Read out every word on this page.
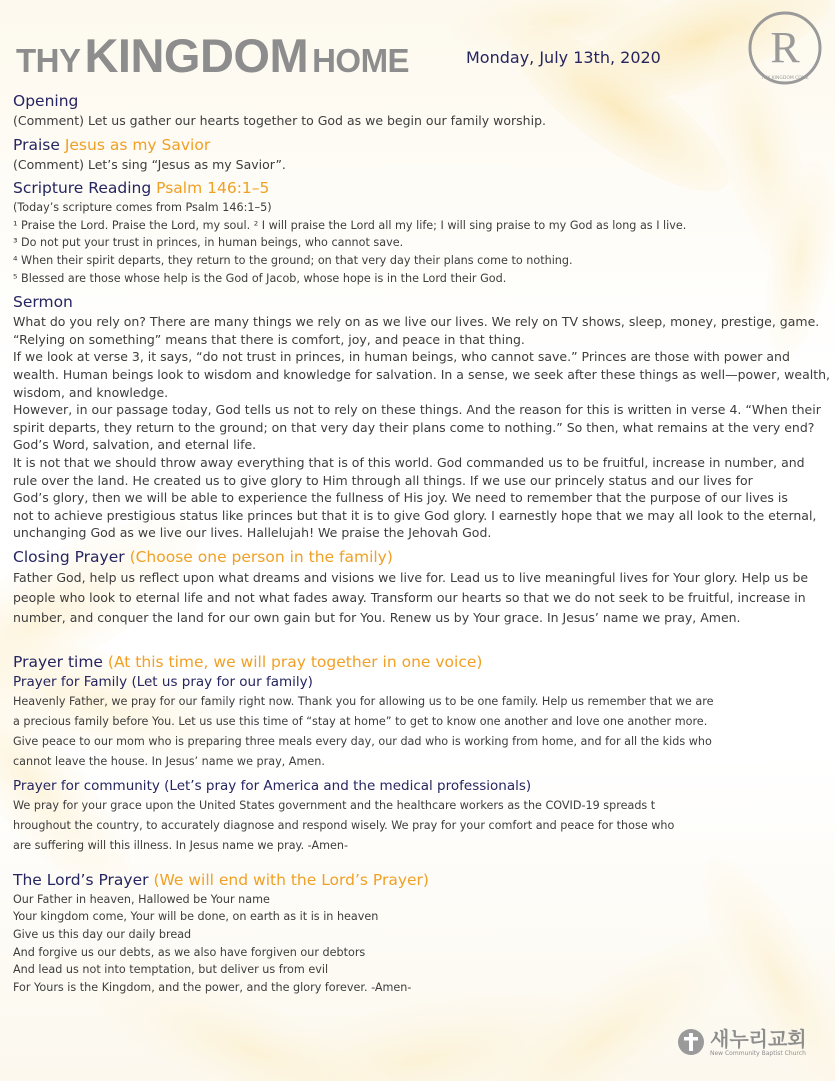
THY KINGDOM HOME	Monday, July 13th, 2020 R
THY KINGDOM COME
Opening

(Comment) Let us gather our hearts together to God as we begin our family worship.

Praise Jesus as my Savior

(Comment) Let’s sing “Jesus as my Savior”.

Scripture Reading Psalm 146:1–5

(Today’s scripture comes from Psalm 146:1–5)

¹ Praise the Lord. Praise the Lord, my soul. ² I will praise the Lord all my life; I will sing praise to my God as long as I live.

³ Do not put your trust in princes, in human beings, who cannot save.

⁴ When their spirit departs, they return to the ground; on that very day their plans come to nothing.

⁵ Blessed are those whose help is the God of Jacob, whose hope is in the Lord their God.

Sermon

What do you rely on? There are many things we rely on as we live our lives. We rely on TV shows, sleep, money, prestige, game.

“Relying on something” means that there is comfort, joy, and peace in that thing.

If we look at verse 3, it says, “do not trust in princes, in human beings, who cannot save.” Princes are those with power and

wealth. Human beings look to wisdom and knowledge for salvation. In a sense, we seek after these things as well—power, wealth,

wisdom, and knowledge.

However, in our passage today, God tells us not to rely on these things. And the reason for this is written in verse 4. “When their

spirit departs, they return to the ground; on that very day their plans come to nothing.” So then, what remains at the very end?

God’s Word, salvation, and eternal life.

It is not that we should throw away everything that is of this world. God commanded us to be fruitful, increase in number, and

rule over the land. He created us to give glory to Him through all things. If we use our princely status and our lives for

God’s glory, then we will be able to experience the fullness of His joy. We need to remember that the purpose of our lives is

not to achieve prestigious status like princes but that it is to give God glory. I earnestly hope that we may all look to the eternal,

unchanging God as we live our lives. Hallelujah! We praise the Jehovah God.

Closing Prayer (Choose one person in the family)

Father God, help us reflect upon what dreams and visions we live for. Lead us to live meaningful lives for Your glory. Help us be

people who look to eternal life and not what fades away. Transform our hearts so that we do not seek to be fruitful, increase in

number, and conquer the land for our own gain but for You. Renew us by Your grace. In Jesus’ name we pray, Amen.

Prayer time (At this time, we will pray together in one voice)
Prayer for Family (Let us pray for our family)

Heavenly Father, we pray for our family right now. Thank you for allowing us to be one family. Help us remember that we are

a precious family before You. Let us use this time of “stay at home” to get to know one another and love one another more.

Give peace to our mom who is preparing three meals every day, our dad who is working from home, and for all the kids who

cannot leave the house. In Jesus’ name we pray, Amen.

Prayer for community (Let’s pray for America and the medical professionals)

We pray for your grace upon the United States government and the healthcare workers as the COVID-19 spreads t

hroughout the country, to accurately diagnose and respond wisely. We pray for your comfort and peace for those who

are suffering will this illness. In Jesus name we pray. -Amen-

The Lord’s Prayer (We will end with the Lord’s Prayer)

Our Father in heaven, Hallowed be Your name

Your kingdom come, Your will be done, on earth as it is in heaven

Give us this day our daily bread

And forgive us our debts, as we also have forgiven our debtors

And lead us not into temptation, but deliver us from evil

For Yours is the Kingdom, and the power, and the glory forever. -Amen-

새누리교회
New Community Baptist Church
